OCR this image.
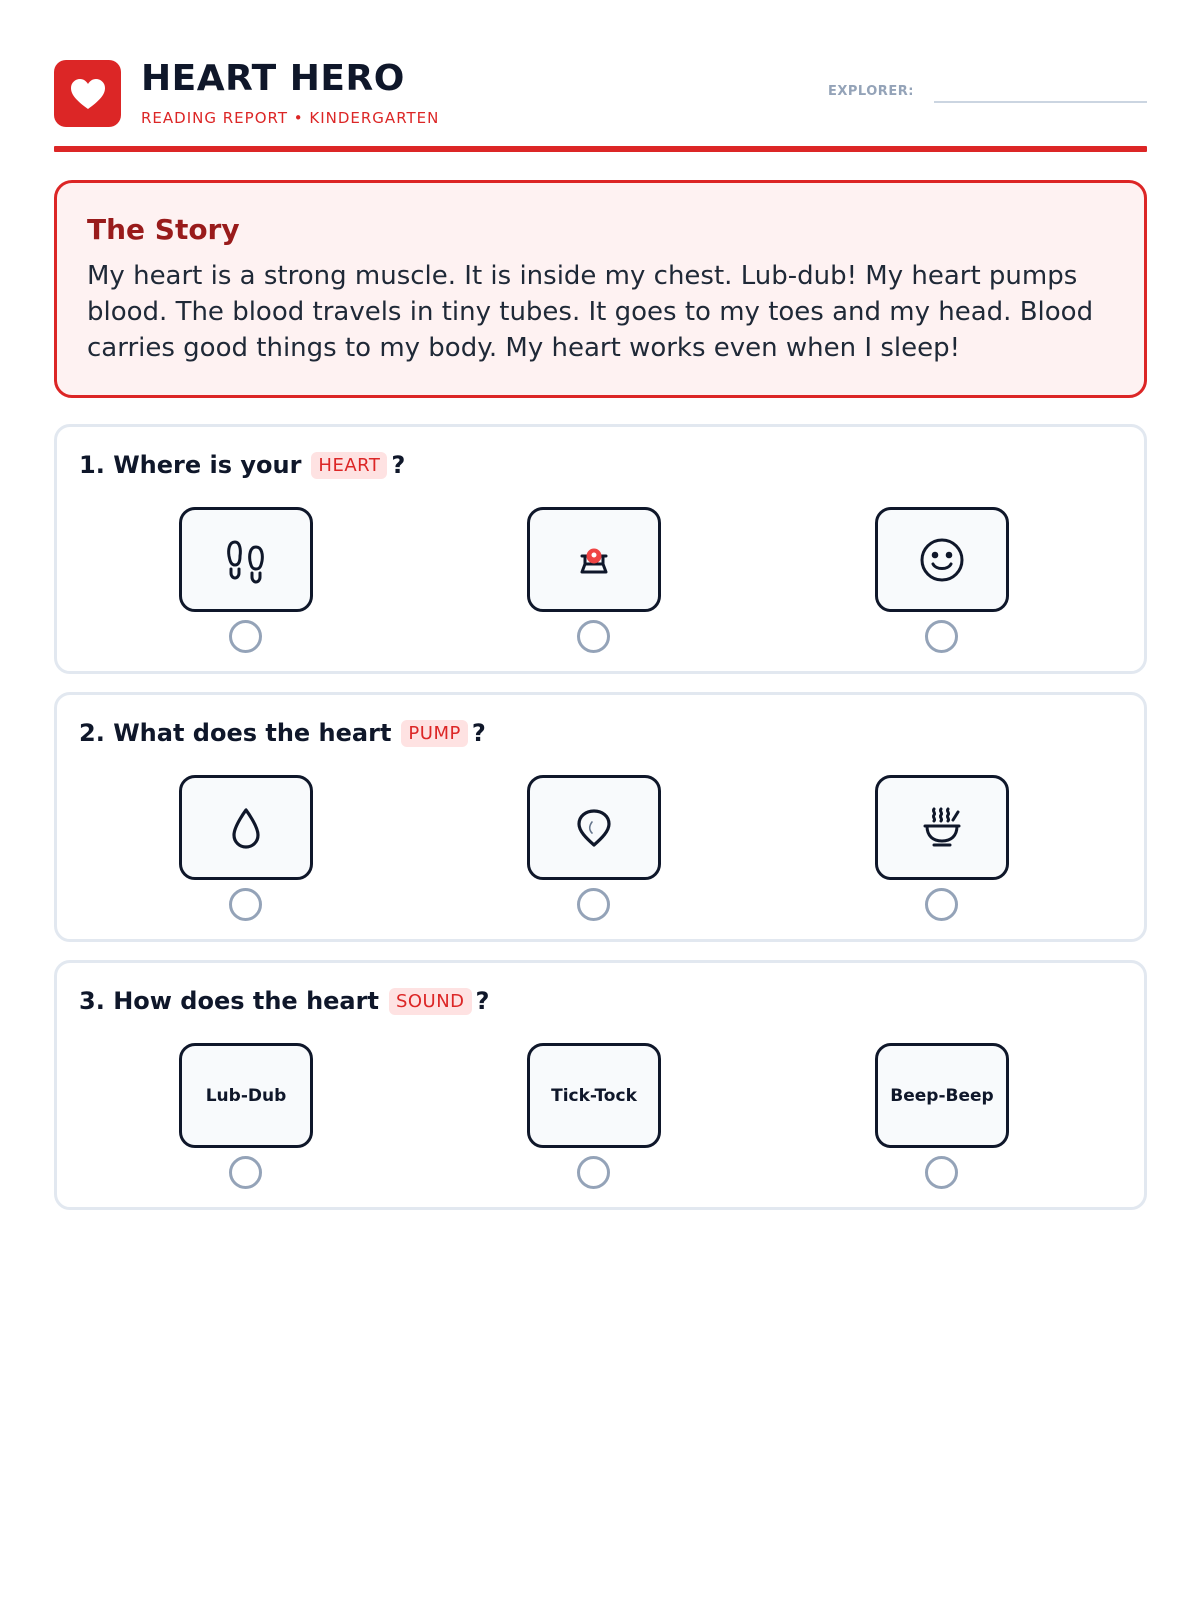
HEART HERO
READING REPORT • KINDERGARTEN
EXPLORER:
The Story
My heart is a strong muscle. It is inside my chest. Lub-dub! My heart pumps blood. The blood travels in tiny tubes. It goes to my toes and my head. Blood carries good things to my body. My heart works even when I sleep!
1.
Where is your HEART ?
2.
What does the heart PUMP ?
3.
How does the heart SOUND ?
Lub-Dub	Tick-Tock	Beep-Beep
